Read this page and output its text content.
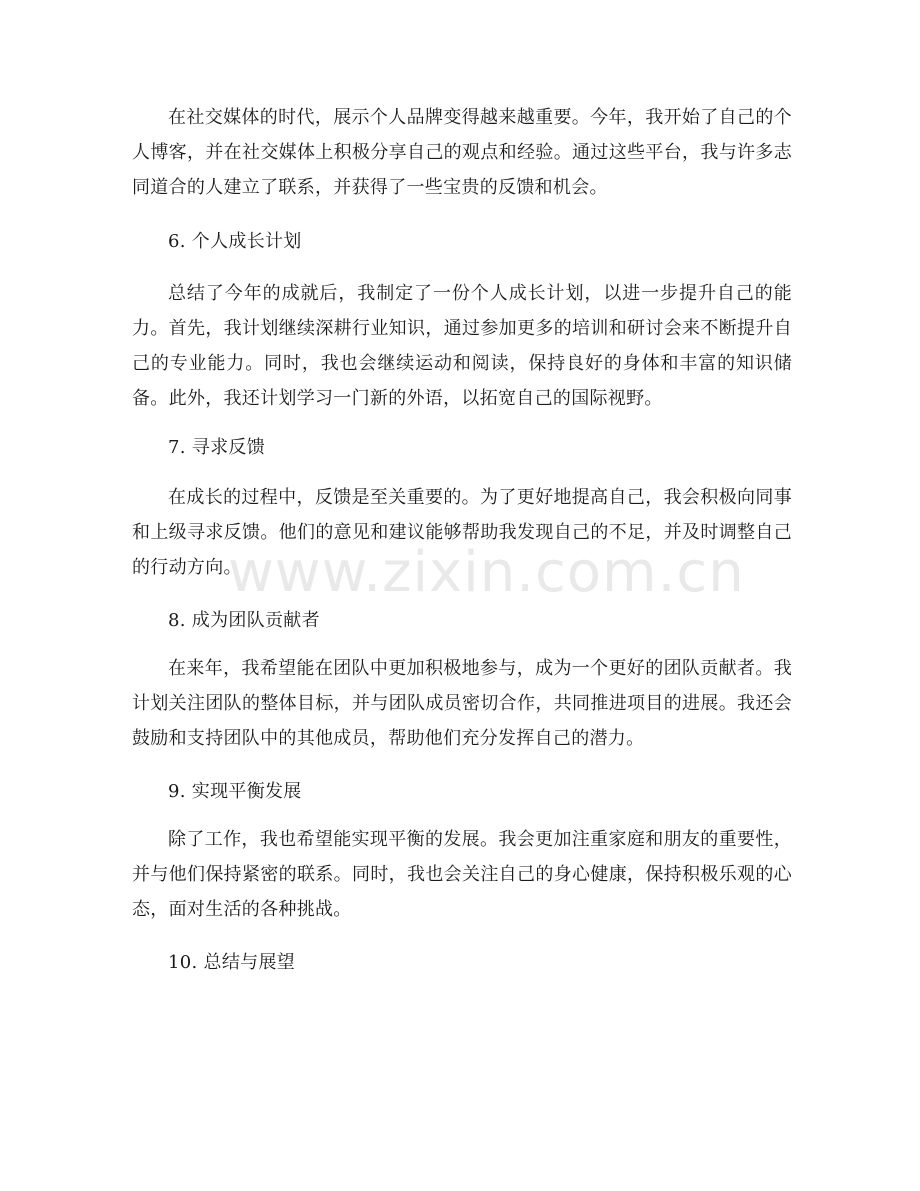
在社交媒体的时代，展示个人品牌变得越来越重要。今年，我开始了自己的个人博客，并在社交媒体上积极分享自己的观点和经验。通过这些平台，我与许多志同道合的人建立了联系，并获得了一些宝贵的反馈和机会。

6. 个人成长计划

总结了今年的成就后，我制定了一份个人成长计划，以进一步提升自己的能力。首先，我计划继续深耕行业知识，通过参加更多的培训和研讨会来不断提升自己的专业能力。同时，我也会继续运动和阅读，保持良好的身体和丰富的知识储备。此外，我还计划学习一门新的外语，以拓宽自己的国际视野。

7. 寻求反馈

在成长的过程中，反馈是至关重要的。为了更好地提高自己，我会积极向同事和上级寻求反馈。他们的意见和建议能够帮助我发现自己的不足，并及时调整自己的行动方向。

8. 成为团队贡献者

在来年，我希望能在团队中更加积极地参与，成为一个更好的团队贡献者。我计划关注团队的整体目标，并与团队成员密切合作，共同推进项目的进展。我还会鼓励和支持团队中的其他成员，帮助他们充分发挥自己的潜力。

9. 实现平衡发展

除了工作，我也希望能实现平衡的发展。我会更加注重家庭和朋友的重要性，并与他们保持紧密的联系。同时，我也会关注自己的身心健康，保持积极乐观的心态，面对生活的各种挑战。

10. 总结与展望

www.zixin.com.cn
